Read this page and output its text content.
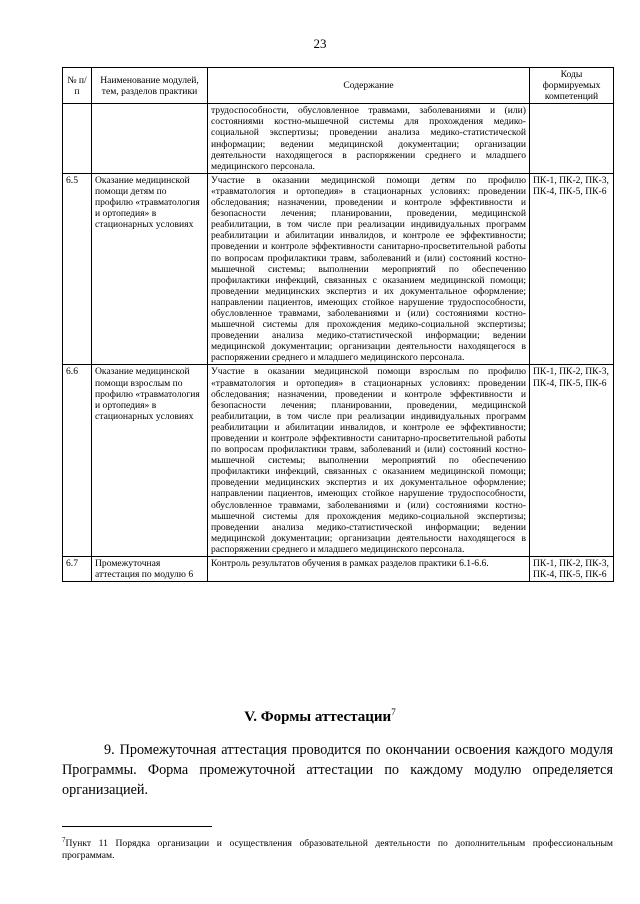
23
№ п/п	Наименование модулей, тем, разделов практики	Содержание	Коды формируемых компетенций
		трудоспособности, обусловленное травмами, заболеваниями и (или) состояниями костно-мышечной системы для прохождения медико-социальной экспертизы; проведении анализа медико-статистической информации; ведении медицинской документации; организации деятельности находящегося в распоряжении среднего и младшего медицинского персонала.	
6.5	Оказание медицинской помощи детям по профилю «травматология и ортопедия» в стационарных условиях	Участие в оказании медицинской помощи детям по профилю «травматология и ортопедия» в стационарных условиях: проведении обследования; назначении, проведении и контроле эффективности и безопасности лечения; планировании, проведении, медицинской реабилитации, в том числе при реализации индивидуальных программ реабилитации и абилитации инвалидов, и контроле ее эффективности; проведении и контроле эффективности санитарно-просветительной работы по вопросам профилактики травм, заболеваний и (или) состояний костно-мышечной системы; выполнении мероприятий по обеспечению профилактики инфекций, связанных с оказанием медицинской помощи; проведении медицинских экспертиз и их документальное оформление; направлении пациентов, имеющих стойкое нарушение трудоспособности, обусловленное травмами, заболеваниями и (или) состояниями костно-мышечной системы для прохождения медико-социальной экспертизы; проведении анализа медико-статистической информации; ведении медицинской документации; организации деятельности находящегося в распоряжении среднего и младшего медицинского персонала.	ПК-1, ПК-2, ПК-3, ПК-4, ПК-5, ПК-6
6.6	Оказание медицинской помощи взрослым по профилю «травматология и ортопедия» в стационарных условиях	Участие в оказании медицинской помощи взрослым по профилю «травматология и ортопедия» в стационарных условиях: проведении обследования; назначении, проведении и контроле эффективности и безопасности лечения; планировании, проведении, медицинской реабилитации, в том числе при реализации индивидуальных программ реабилитации и абилитации инвалидов, и контроле ее эффективности; проведении и контроле эффективности санитарно-просветительной работы по вопросам профилактики травм, заболеваний и (или) состояний костно-мышечной системы; выполнении мероприятий по обеспечению профилактики инфекций, связанных с оказанием медицинской помощи; проведении медицинских экспертиз и их документальное оформление; направлении пациентов, имеющих стойкое нарушение трудоспособности, обусловленное травмами, заболеваниями и (или) состояниями костно-мышечной системы для прохождения медико-социальной экспертизы; проведении анализа медико-статистической информации; ведении медицинской документации; организации деятельности находящегося в распоряжении среднего и младшего медицинского персонала.	ПК-1, ПК-2, ПК-3, ПК-4, ПК-5, ПК-6
6.7	Промежуточная аттестация по модулю 6	Контроль результатов обучения в рамках разделов практики 6.1-6.6.	ПК-1, ПК-2, ПК-3, ПК-4, ПК-5, ПК-6
V. Формы аттестации$^7$
9. Промежуточная аттестация проводится по окончании освоения каждого модуля Программы. Форма промежуточной аттестации по каждому модулю определяется организацией.
$^7$Пункт 11 Порядка организации и осуществления образовательной деятельности по дополнительным профессиональным программам.
